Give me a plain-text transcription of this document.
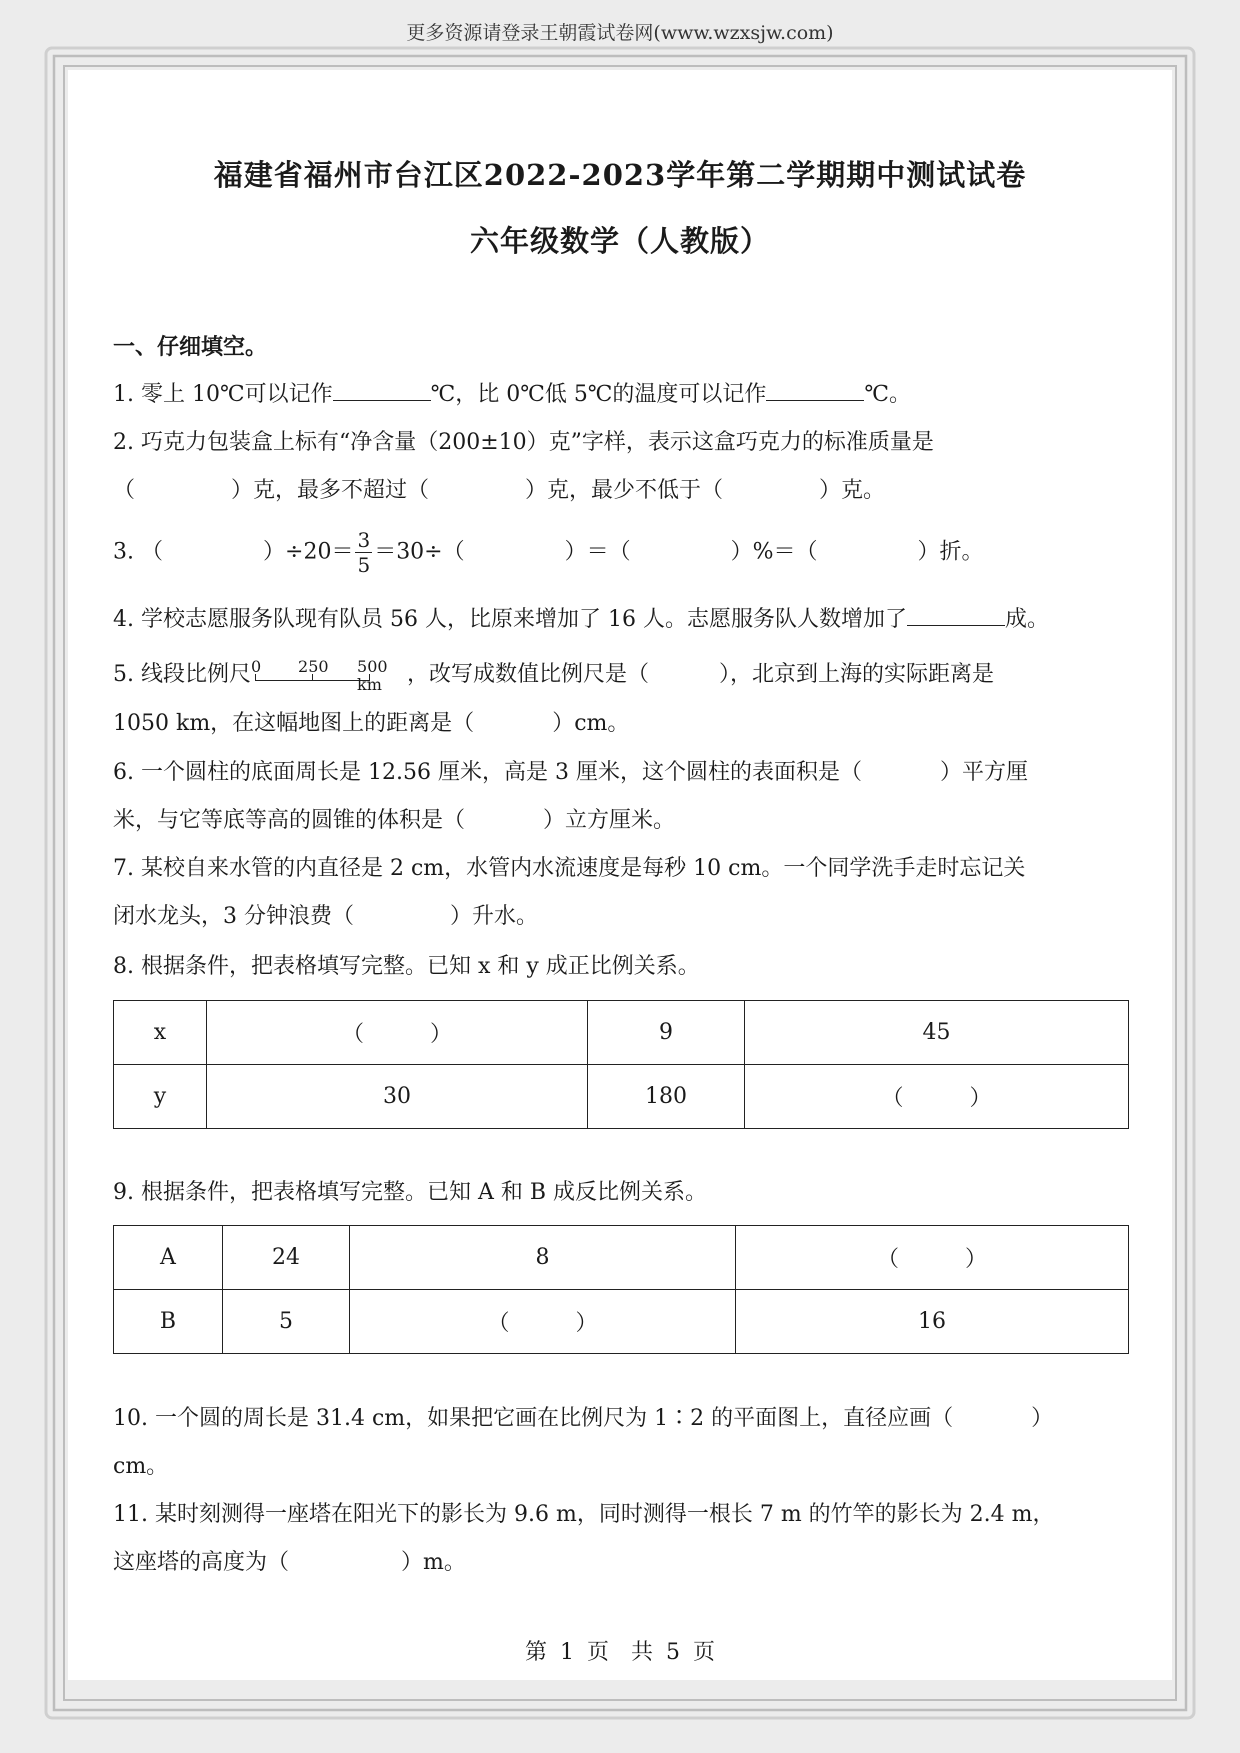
更多资源请登录王朝霞试卷网(www.wzxsjw.com)
福建省福州市台江区2022-2023学年第二学期期中测试试卷
六年级数学（人教版）
一、仔细填空。
1. 零上 10℃可以记作	℃，比 0℃低 5℃的温度可以记作	℃。
2. 巧克力包装盒上标有“净含量（200±10）克”字样，表示这盒巧克力的标准质量是
（	）克，最多不超过（	）克，最少不低于（	）克。
3. （	）$\div 20= \frac{3}{5} =30\div$（	）＝（	）%＝（	）折。
4. 学校志愿服务队现有队员 56 人，比原来增加了 16 人。志愿服务队人数增加了	成。
5. 线段比例尺 0 250 500 km	，改写成数值比例尺是（	），北京到上海的实际距离是
1050 km，在这幅地图上的距离是（	）cm。
6. 一个圆柱的底面周长是 12.56 厘米，高是 3 厘米，这个圆柱的表面积是（	）平方厘
米，与它等底等高的圆锥的体积是（	）立方厘米。
7. 某校自来水管的内直径是 2 cm，水管内水流速度是每秒 10 cm。一个同学洗手走时忘记关
闭水龙头，3 分钟浪费（	）升水。
8. 根据条件，把表格填写完整。已知 x 和 y 成正比例关系。
x	（　　　）	9	45
y	30	180	（　　　）
9. 根据条件，把表格填写完整。已知 A 和 B 成反比例关系。
A	24	8	（　　　）
B	5	（　　　）	16
10. 一个圆的周长是 31.4 cm，如果把它画在比例尺为 1∶2 的平面图上，直径应画（	）
cm。
11. 某时刻测得一座塔在阳光下的影长为 9.6 m，同时测得一根长 7 m 的竹竿的影长为 2.4 m，
这座塔的高度为（	）m。
第 1 页　共 5 页
